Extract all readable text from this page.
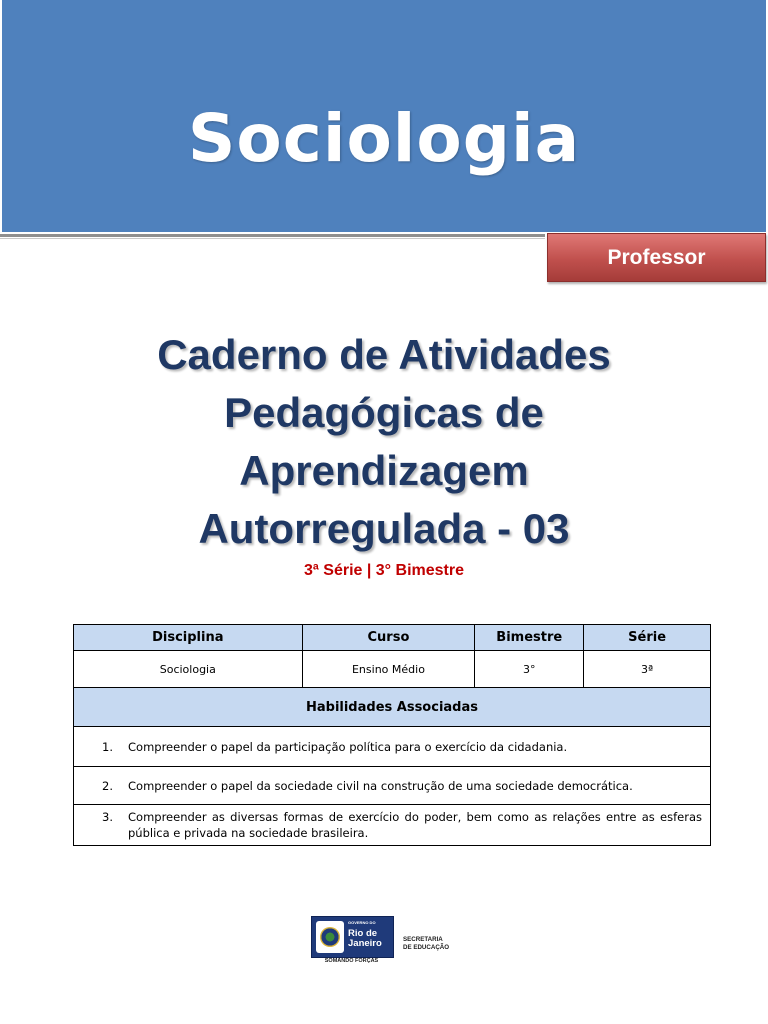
Sociologia
Professor
Caderno de Atividades
Pedagógicas de
Aprendizagem
Autorregulada - 03
3ª Série | 3° Bimestre
Disciplina	Curso	Bimestre	Série
Sociologia	Ensino Médio	3°	3ª
Habilidades Associadas			

1. Compreender o papel da participação política para o exercício da cidadania.			

2. Compreender o papel da sociedade civil na construção de uma sociedade democrática.			

3. Compreender as diversas formas de exercício do poder, bem como as relações entre as esferas pública e privada na sociedade brasileira.			
GOVERNO DO
Rio de
Janeiro
SOMANDO FORÇAS
SECRETARIA
DE EDUCAÇÃO
